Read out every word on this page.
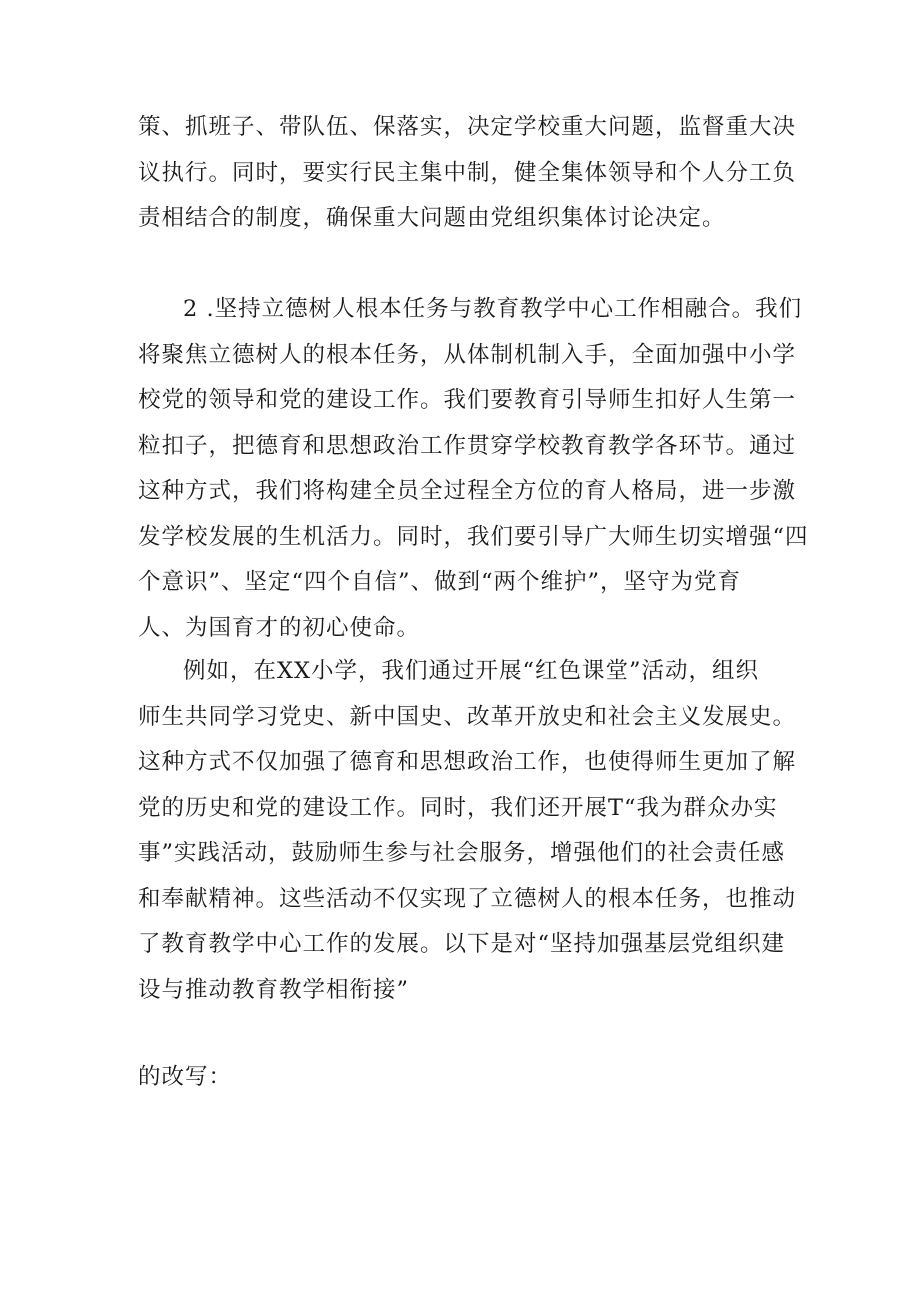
策、抓班子、带队伍、保落实，决定学校重大问题，监督重大决
议执行。同时，要实行民主集中制，健全集体领导和个人分工负
责相结合的制度，确保重大问题由党组织集体讨论决定。

2 .坚持立德树人根本任务与教育教学中心工作相融合。我们
将聚焦立德树人的根本任务，从体制机制入手，全面加强中小学
校党的领导和党的建设工作。我们要教育引导师生扣好人生第一
粒扣子，把德育和思想政治工作贯穿学校教育教学各环节。通过
这种方式，我们将构建全员全过程全方位的育人格局，进一步激
发学校发展的生机活力。同时，我们要引导广大师生切实增强“四
个意识”、坚定“四个自信”、做到“两个维护”，坚守为党育
人、为国育才的初心使命。

例如，在XX小学，我们通过开展“红色课堂”活动，组织
师生共同学习党史、新中国史、改革开放史和社会主义发展史。
这种方式不仅加强了德育和思想政治工作，也使得师生更加了解
党的历史和党的建设工作。同时，我们还开展T“我为群众办实
事”实践活动，鼓励师生参与社会服务，增强他们的社会责任感
和奉献精神。这些活动不仅实现了立德树人的根本任务，也推动
了教育教学中心工作的发展。以下是对“坚持加强基层党组织建
设与推动教育教学相衔接”

的改写：
